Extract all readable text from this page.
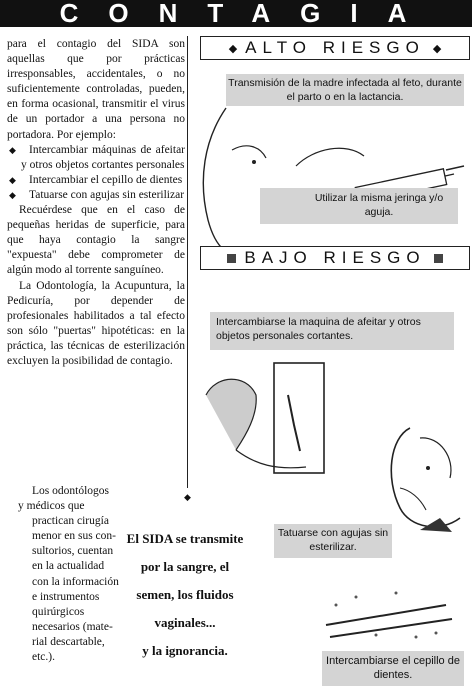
CONTAGIA

para el contagio del SIDA son aquellas que por prácticas irresponsables, accidentales, o no suficientemente controladas, pueden, en forma ocasional, transmitir el virus de un portador a una persona no portadora. Por ejemplo:

◆ Intercambiar máquinas de afeitar y otros objetos cortantes personales

◆ Intercambiar el cepillo de dientes

◆ Tatuarse con agujas sin esterilizar

Recuérdese que en el caso de pequeñas heridas de superficie, para que haya contagio la sangre "expuesta" debe comprometer de algún modo al torrente sanguíneo.

La Odontología, la Acupuntura, la Pedicuría, por depender de profesionales habilitados a tal efecto son sólo "puertas" hipotéticas: en la práctica, las técnicas de esterilización excluyen la posibilidad de contagio.

Los odontólogos

y médicos que

practican cirugía

menor en sus con-

sultorios, cuentan

en la actualidad

con la información

e instrumentos

quirúrgicos

necesarios (mate-

rial descartable,

etc.).

◆
El SIDA se transmite
por la sangre, el
semen, los fluidos
vaginales...
y la ignorancia.
◆ ALTO RIESGO ◆
Transmisión de la madre infectada al feto, durante el parto o en la lactancia.
Utilizar la misma jeringa y/o aguja.
BAJO RIESGO
Intercambiarse la maquina de afeitar y otros objetos personales cortantes.
Tatuarse con agujas sin esterilizar.
Intercambiarse el cepillo de dientes.
